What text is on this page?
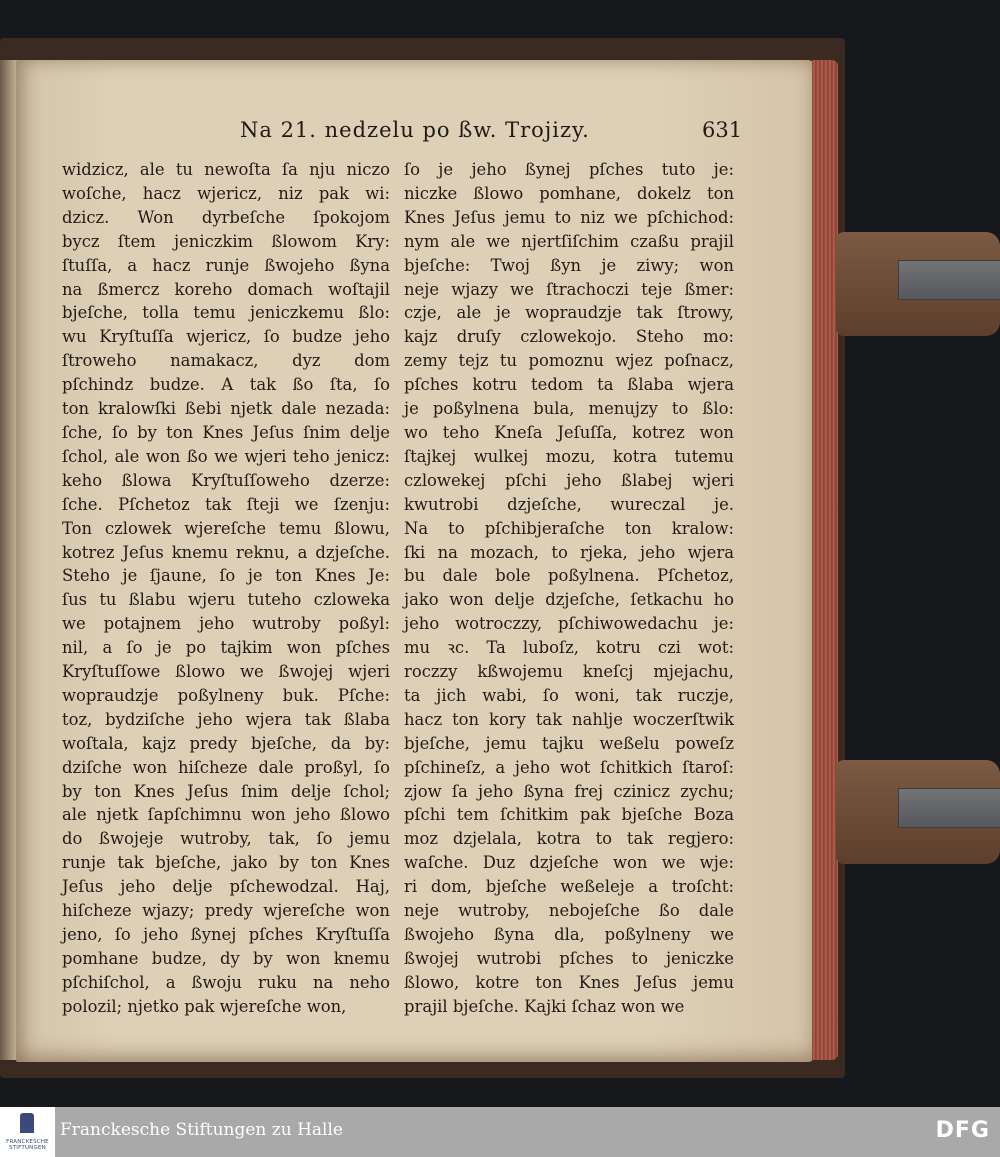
Na 21. nedzelu po ßw. Trojizy.	631
widzicz, ale tu newoſta ſa nju niczo
woſche, hacz wjericz, niz pak wi:
dzicz. Won dyrbeſche ſpokojom
bycz ſtem jeniczkim ßlowom Kry:
ſtuſſa, a hacz runje ßwojeho ßyna
na ßmercz koreho domach woſtajil
bjeſche, tolla temu jeniczkemu ßlo:
wu Kryſtuſſa wjericz, ſo budze jeho
ſtroweho namakacz, dyz dom
pſchindz budze. A tak ßo ſta, ſo
ton kralowſki ßebi njetk dale nezada:
ſche, ſo by ton Knes Jeſus ſnim delje
ſchol, ale won ßo we wjeri teho jenicz:
keho ßlowa Kryſtuſſoweho dzerze:
ſche. Pſchetoz tak ſteji we ſzenju:
Ton czlowek wjereſche temu ßlowu,
kotrez Jeſus knemu reknu, a dzjeſche.
Steho je ſjaune, ſo je ton Knes Je:
ſus tu ßlabu wjeru tuteho czloweka
we potajnem jeho wutroby poßyl:
nil, a ſo je po tajkim won pſches
Kryſtuſſowe ßlowo we ßwojej wjeri
wopraudzje poßylneny buk. Pſche:
toz, bydziſche jeho wjera tak ßlaba
woſtala, kajz predy bjeſche, da by:
dziſche won hiſcheze dale proßyl, ſo
by ton Knes Jeſus ſnim delje ſchol;
ale njetk ſapſchimnu won jeho ßlowo
do ßwojeje wutroby, tak, ſo jemu
runje tak bjeſche, jako by ton Knes
Jeſus jeho delje pſchewodzal. Haj,
hiſcheze wjazy; predy wjereſche won
jeno, ſo jeho ßynej pſches Kryſtuſſa
pomhane budze, dy by won knemu
pſchiſchol, a ßwoju ruku na neho
polozil; njetko pak wjereſche won,
ſo je jeho ßynej pſches tuto je:
niczke ßlowo pomhane, dokelz ton
Knes Jeſus jemu to niz we pſchichod:
nym ale we njertſiſchim czaßu prajil
bjeſche: Twoj ßyn je ziwy; won
neje wjazy we ſtrachoczi teje ßmer:
czje, ale je wopraudzje tak ſtrowy,
kajz druſy czlowekojo. Steho mo:
zemy tejz tu pomoznu wjez poſnacz,
pſches kotru tedom ta ßlaba wjera
je poßylnena bula, menujzy to ßlo:
wo teho Kneſa Jeſuſſa, kotrez won
ſtajkej wulkej mozu, kotra tutemu
czlowekej pſchi jeho ßlabej wjeri
kwutrobi dzjeſche, wureczal je.
Na to pſchibjeraſche ton kralow:
ſki na mozach, to rjeka, jeho wjera
bu dale bole poßylnena. Pſchetoz,
jako won delje dzjeſche, ſetkachu ho
jeho wotroczzy, pſchiwowedachu je:
mu ꝛc. Ta luboſz, kotru czi wot:
roczzy kßwojemu kneſcj mjejachu,
ta jich wabi, ſo woni, tak ruczje,
hacz ton kory tak nahlje woczerſtwik
bjeſche, jemu tajku weßelu poweſz
pſchineſz, a jeho wot ſchitkich ſtaroſ:
zjow ſa jeho ßyna frej czinicz zychu;
pſchi tem ſchitkim pak bjeſche Boza
moz dzjelala, kotra to tak regjero:
waſche. Duz dzjeſche won we wje:
ri dom, bjeſche weßeleje a troſcht:
neje wutroby, nebojeſche ßo dale
ßwojeho ßyna dla, poßylneny we
ßwojej wutrobi pſches to jeniczke
ßlowo, kotre ton Knes Jeſus jemu
prajil bjeſche. Kajki ſchaz won we
FRANCKESCHE STIFTUNGEN
Franckesche Stiftungen zu Halle	DFG
